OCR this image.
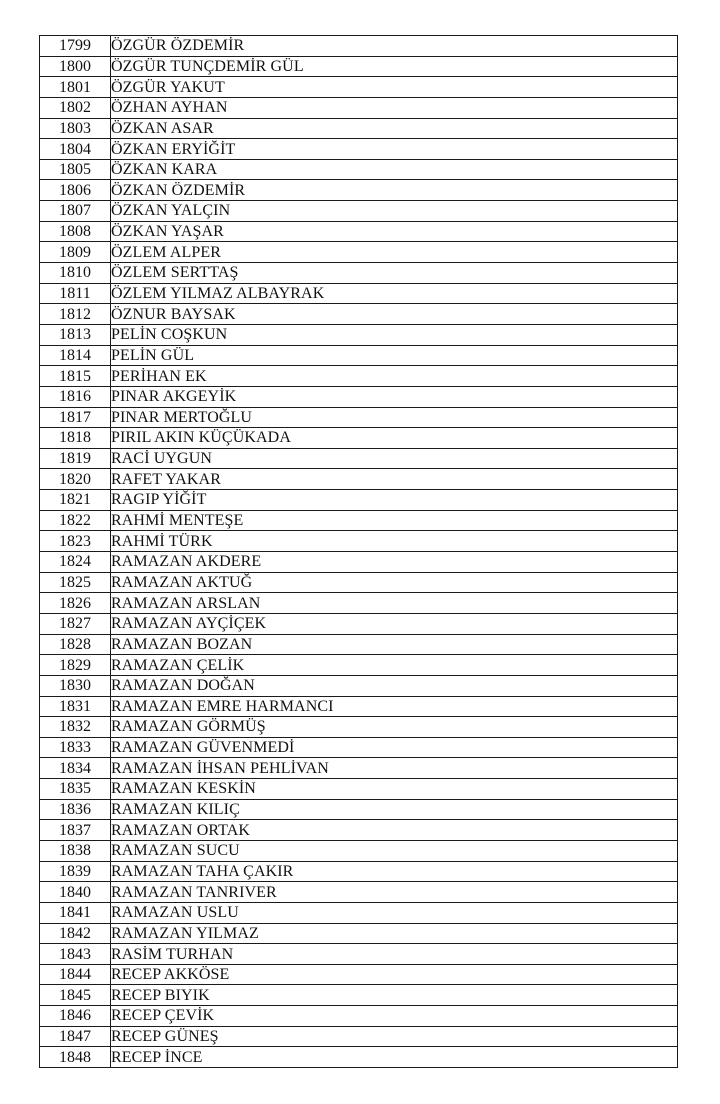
1799	ÖZGÜR ÖZDEMİR
1800	ÖZGÜR TUNÇDEMİR GÜL
1801	ÖZGÜR YAKUT
1802	ÖZHAN AYHAN
1803	ÖZKAN ASAR
1804	ÖZKAN ERYİĞİT
1805	ÖZKAN KARA
1806	ÖZKAN ÖZDEMİR
1807	ÖZKAN YALÇIN
1808	ÖZKAN YAŞAR
1809	ÖZLEM ALPER
1810	ÖZLEM SERTTAŞ
1811	ÖZLEM YILMAZ ALBAYRAK
1812	ÖZNUR BAYSAK
1813	PELİN COŞKUN
1814	PELİN GÜL
1815	PERİHAN EK
1816	PINAR AKGEYİK
1817	PINAR MERTOĞLU
1818	PIRIL AKIN KÜÇÜKADA
1819	RACİ UYGUN
1820	RAFET YAKAR
1821	RAGIP YİĞİT
1822	RAHMİ MENTEŞE
1823	RAHMİ TÜRK
1824	RAMAZAN AKDERE
1825	RAMAZAN AKTUĞ
1826	RAMAZAN ARSLAN
1827	RAMAZAN AYÇİÇEK
1828	RAMAZAN BOZAN
1829	RAMAZAN ÇELİK
1830	RAMAZAN DOĞAN
1831	RAMAZAN EMRE HARMANCI
1832	RAMAZAN GÖRMÜŞ
1833	RAMAZAN GÜVENMEDİ
1834	RAMAZAN İHSAN PEHLİVAN
1835	RAMAZAN KESKİN
1836	RAMAZAN KILIÇ
1837	RAMAZAN ORTAK
1838	RAMAZAN SUCU
1839	RAMAZAN TAHA ÇAKIR
1840	RAMAZAN TANRIVER
1841	RAMAZAN USLU
1842	RAMAZAN YILMAZ
1843	RASİM TURHAN
1844	RECEP AKKÖSE
1845	RECEP BIYIK
1846	RECEP ÇEVİK
1847	RECEP GÜNEŞ
1848	RECEP İNCE
